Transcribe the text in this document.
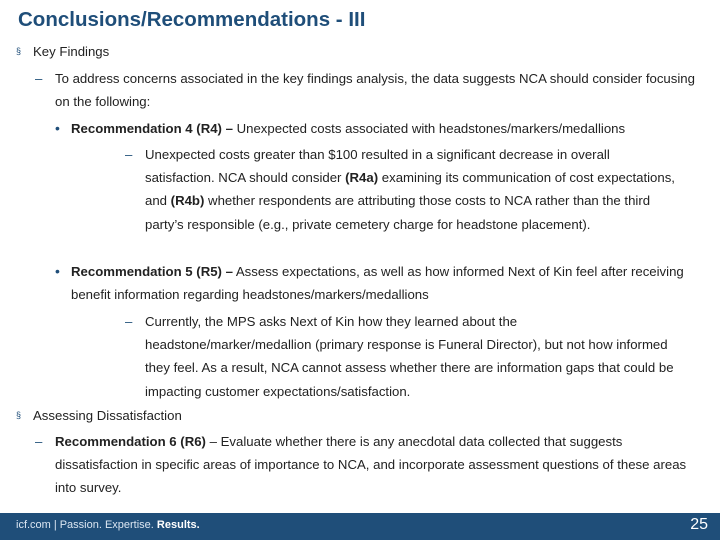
Conclusions/Recommendations - III
§ Key Findings
– To address concerns associated in the key findings analysis, the data suggests NCA should consider focusing on the following:
• Recommendation 4 (R4) – Unexpected costs associated with headstones/markers/medallions
– Unexpected costs greater than $100 resulted in a significant decrease in overall satisfaction. NCA should consider (R4a) examining its communication of cost expectations, and (R4b) whether respondents are attributing those costs to NCA rather than the third party’s responsible (e.g., private cemetery charge for headstone placement).
• Recommendation 5 (R5) – Assess expectations, as well as how informed Next of Kin feel after receiving benefit information regarding headstones/markers/medallions
– Currently, the MPS asks Next of Kin how they learned about the headstone/marker/medallion (primary response is Funeral Director), but not how informed they feel. As a result, NCA cannot assess whether there are information gaps that could be impacting customer expectations/satisfaction.
§ Assessing Dissatisfaction
– Recommendation 6 (R6) – Evaluate whether there is any anecdotal data collected that suggests dissatisfaction in specific areas of importance to NCA, and incorporate assessment questions of these areas into survey.
icf.com | Passion. Expertise. Results.	25
